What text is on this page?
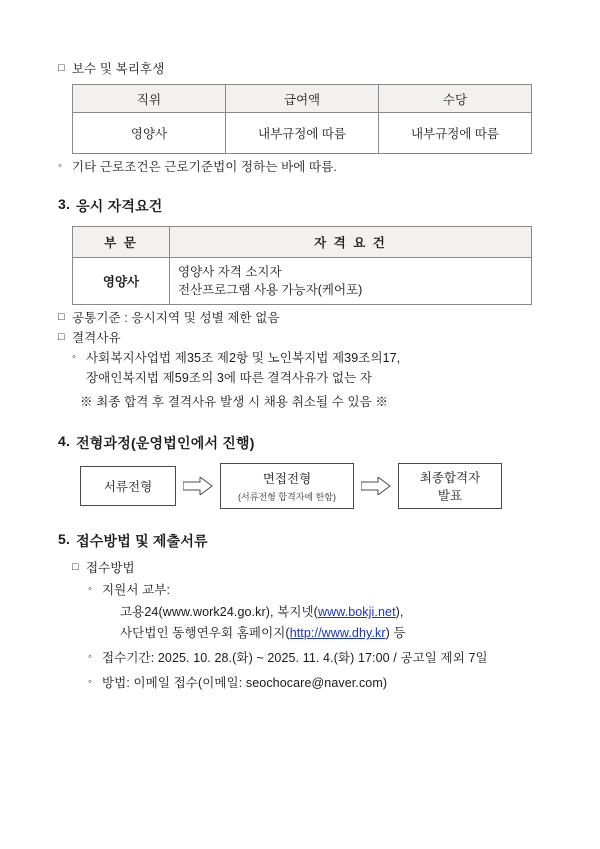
□ 보수 및 복리후생
직위	급여액	수당
영양사	내부규정에 따름	내부규정에 따름
◦ 기타 근로조건은 근로기준법이 정하는 바에 따름.
3. 응시 자격요건
부 문	자 격 요 건
영양사	영양사 자격 소지자
전산프로그램 사용 가능자(케어포)
□ 공통기준 : 응시지역 및 성별 제한 없음
□ 결격사유
◦ 사회복지사업법 제35조 제2항 및 노인복지법 제39조의17,
장애인복지법 제59조의 3에 따른 결격사유가 없는 자
※ 최종 합격 후 결격사유 발생 시 채용 취소될 수 있음 ※
4. 전형과정(운영법인에서 진행)
서류전형
면접전형
(서류전형 합격자에 한함)
최종합격자
발표
5. 접수방법 및 제출서류
□ 접수방법
◦ 지원서 교부:
고용24(www.work24.go.kr), 복지넷(www.bokji.net),
사단법인 동행연우회 홈페이지(http://www.dhy.kr) 등
◦ 접수기간: 2025. 10. 28.(화) ~ 2025. 11. 4.(화) 17:00 / 공고일 제외 7일
◦ 방법: 이메일 접수(이메일: seochocare@naver.com)
